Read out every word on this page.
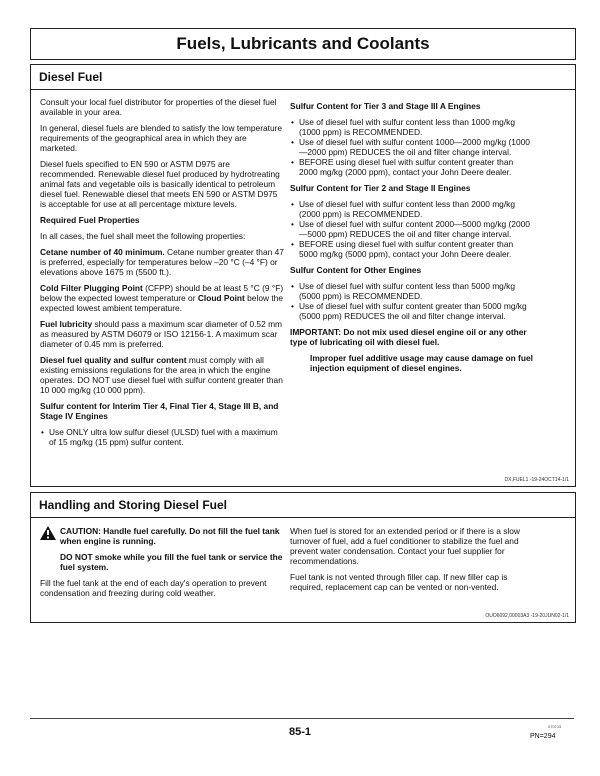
Fuels, Lubricants and Coolants
Diesel Fuel

Consult your local fuel distributor for properties of the diesel fuel available in your area.

In general, diesel fuels are blended to satisfy the low temperature requirements of the geographical area in which they are marketed.

Diesel fuels specified to EN 590 or ASTM D975 are recommended. Renewable diesel fuel produced by hydrotreating animal fats and vegetable oils is basically identical to petroleum diesel fuel. Renewable diesel that meets EN 590 or ASTM D975 is acceptable for use at all percentage mixture levels.

Required Fuel Properties

In all cases, the fuel shall meet the following properties:

Cetane number of 40 minimum. Cetane number greater than 47 is preferred, especially for temperatures below –20 °C (–4 °F) or elevations above 1675 m (5500 ft.).

Cold Filter Plugging Point (CFPP) should be at least 5 °C (9 °F) below the expected lowest temperature or Cloud Point below the expected lowest ambient temperature.

Fuel lubricity should pass a maximum scar diameter of 0.52 mm as measured by ASTM D6079 or ISO 12156-1. A maximum scar diameter of 0.45 mm is preferred.

Diesel fuel quality and sulfur content must comply with all existing emissions regulations for the area in which the engine operates. DO NOT use diesel fuel with sulfur content greater than 10 000 mg/kg (10 000 ppm).

Sulfur content for Interim Tier 4, Final Tier 4, Stage III B, and Stage IV Engines

• Use ONLY ultra low sulfur diesel (ULSD) fuel with a maximum of 15 mg/kg (15 ppm) sulfur content.

Sulfur Content for Tier 3 and Stage III A Engines

• Use of diesel fuel with sulfur content less than 1000 mg/kg (1000 ppm) is RECOMMENDED.
• Use of diesel fuel with sulfur content 1000—2000 mg/kg (1000—2000 ppm) REDUCES the oil and filter change interval.
• BEFORE using diesel fuel with sulfur content greater than 2000 mg/kg (2000 ppm), contact your John Deere dealer.

Sulfur Content for Tier 2 and Stage II Engines

• Use of diesel fuel with sulfur content less than 2000 mg/kg (2000 ppm) is RECOMMENDED.
• Use of diesel fuel with sulfur content 2000—5000 mg/kg (2000—5000 ppm) REDUCES the oil and filter change interval.
• BEFORE using diesel fuel with sulfur content greater than 5000 mg/kg (5000 ppm), contact your John Deere dealer.

Sulfur Content for Other Engines

• Use of diesel fuel with sulfur content less than 5000 mg/kg (5000 ppm) is RECOMMENDED.
• Use of diesel fuel with sulfur content greater than 5000 mg/kg (5000 ppm) REDUCES the oil and filter change interval.

IMPORTANT: Do not mix used diesel engine oil or any other type of lubricating oil with diesel fuel.

Improper fuel additive usage may cause damage on fuel injection equipment of diesel engines.

DX,FUEL1 -19-24OCT14-1/1
Handling and Storing Diesel Fuel
CAUTION: Handle fuel carefully. Do not fill the fuel tank when engine is running.

DO NOT smoke while you fill the fuel tank or service the fuel system.

Fill the fuel tank at the end of each day's operation to prevent condensation and freezing during cold weather.

When fuel is stored for an extended period or if there is a slow turnover of fuel, add a fuel conditioner to stabilize the fuel and prevent water condensation. Contact your fuel supplier for recommendations.

Fuel tank is not vented through filler cap. If new filler cap is required, replacement cap can be vented or non-vented.

OUO6092,00003A3 -19-20JUN02-1/1
85-1	070715
PN=294
